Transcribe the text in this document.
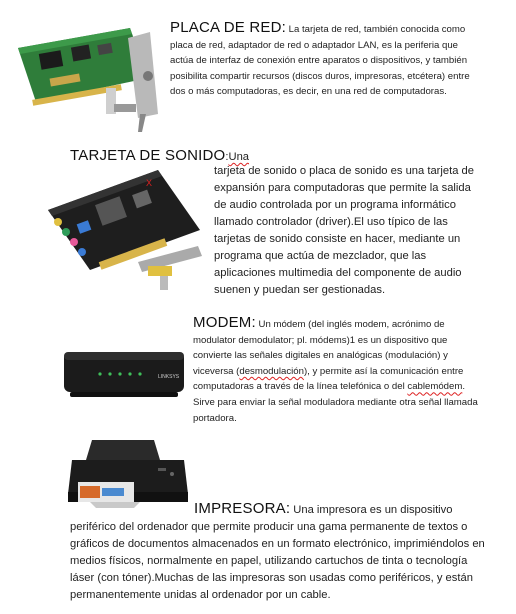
PLACA DE RED: La tarjeta de red, también conocida como placa de red, adaptador de red o adaptador LAN, es la periferia que actúa de interfaz de conexión entre aparatos o dispositivos, y también posibilita compartir recursos (discos duros, impresoras, etcétera) entre dos o más computadoras, es decir, en una red de computadoras.
TARJETA DE SONIDO:Una
X
tarjeta de sonido o placa de sonido es una tarjeta de expansión para computadoras que permite la salida de audio controlada por un programa informático llamado controlador (driver).El uso típico de las tarjetas de sonido consiste en hacer, mediante un programa que actúa de mezclador, que las aplicaciones multimedia del componente de audio suenen y puedan ser gestionadas.
LINKSYS
MODEM: Un módem (del inglés modem, acrónimo de modulator demodulator; pl. módems)1 es un dispositivo que convierte las señales digitales en analógicas (modulación) y viceversa (desmodulación), y permite así la comunicación entre computadoras a través de la línea telefónica o del cablemódem. Sirve para enviar la señal moduladora mediante otra señal llamada portadora.
IMPRESORA: Una impresora es un dispositivo periférico del ordenador que permite producir una gama permanente de textos o gráficos de documentos almacenados en un formato electrónico, imprimiéndolos en medios físicos, normalmente en papel, utilizando cartuchos de tinta o tecnología láser (con tóner).Muchas de las impresoras son usadas como periféricos, y están permanentemente unidas al ordenador por un cable.
